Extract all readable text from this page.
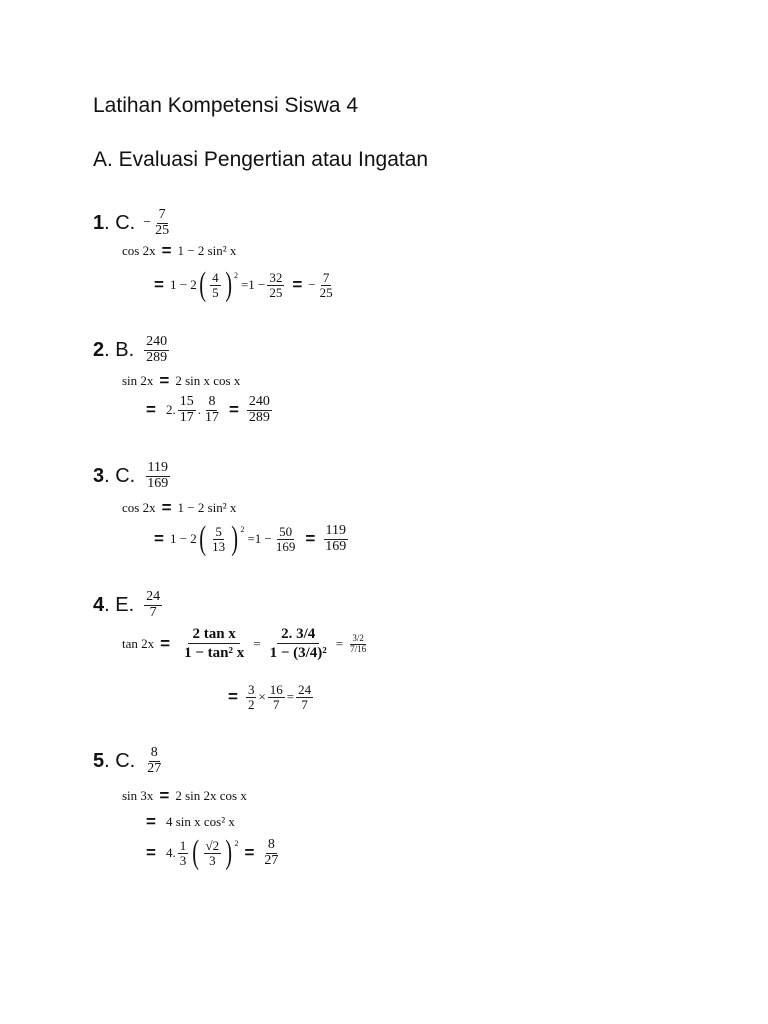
Latihan Kompetensi Siswa 4
A. Evaluasi Pengertian atau Ingatan
1 . C. − $\frac{7}{25}$
cos 2x = 1 − 2 sin² x
= 1 − 2 ( $\frac{4}{5}$ ) 2
$=1 - \frac{32}{25}$ = − $\frac{7}{25}$
2 . B. $\frac{240}{289}$
sin 2x = 2 sin x cos x
= 2. $\frac{15}{17}$ . $\frac{8}{17} = \frac{240}{289}$
3 . C. $\frac{119}{169}$
cos 2x = 1 − 2 sin² x
= 1 − 2 ( $\frac{5}{13}$ ) 2
$=1 - \frac{50}{169} = \frac{119}{169}$
4 . E. $\frac{24}{7}$
$\tan 2x = \frac{\text{2 tan x}}{\text{1 − tan² x}} = \frac{2. 3/4}{\text{1 − (3/4)²}} = \frac{3/2}{7/16}$
= $\frac{3}{2} \times \frac{16}{7} = \frac{24}{7}$
5 . C. $\frac{8}{27}$
sin 3x = 2 sin 2x cos x
= 4 sin x cos² x
= 4. $\frac{1}{3}$ ( $\frac{√2}{3}$ ) $2 = \frac{8}{27}$
